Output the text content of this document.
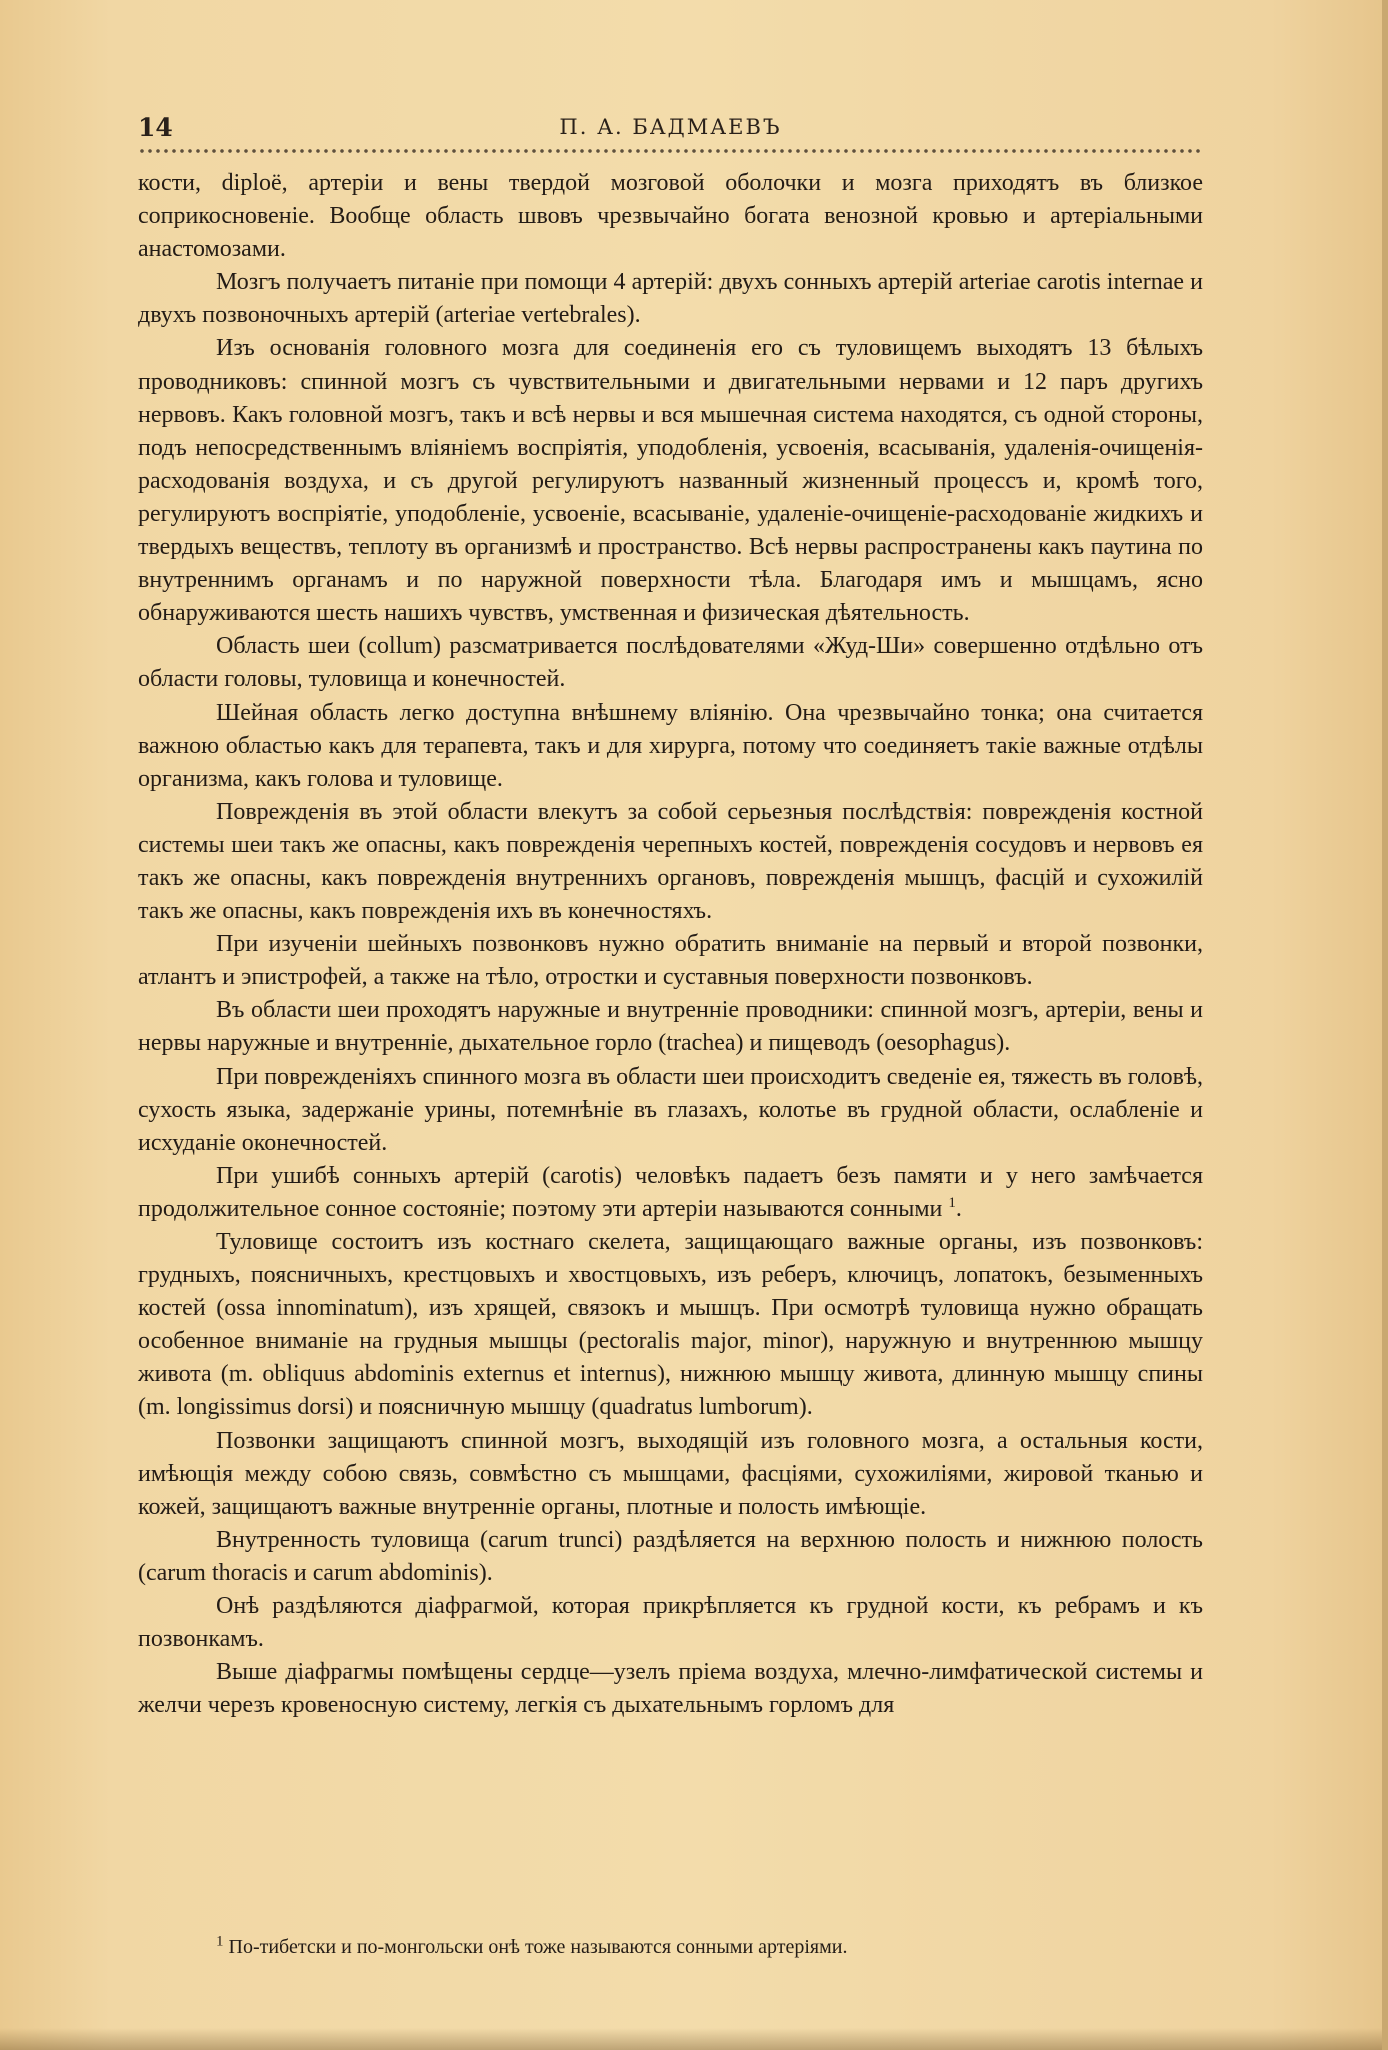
14	П. А. БАДМАЕВЪ

кости, diploë, артеріи и вены твердой мозговой оболочки и мозга приходятъ въ близкое соприкосновеніе. Вообще область швовъ чрезвычайно богата венозной кровью и артеріальными анастомозами.

Мозгъ получаетъ питаніе при помощи 4 артерій: двухъ сонныхъ артерій arteriae carotis internae и двухъ позвоночныхъ артерій (arteriae vertebrales).

Изъ основанія головного мозга для соединенія его съ туловищемъ выходятъ 13 бѣлыхъ проводниковъ: спинной мозгъ съ чувствительными и двигательными нервами и 12 паръ другихъ нервовъ. Какъ головной мозгъ, такъ и всѣ нервы и вся мышечная система находятся, съ одной стороны, подъ непосредственнымъ вліяніемъ воспріятія, уподобленія, усвоенія, всасыванія, удаленія-очищенія-расходованія воздуха, и съ другой регулируютъ названный жизненный процессъ и, кромѣ того, регулируютъ воспріятіе, уподобленіе, усвоеніе, всасываніе, удаленіе-очищеніе-расходованіе жидкихъ и твердыхъ веществъ, теплоту въ организмѣ и пространство. Всѣ нервы распространены какъ паутина по внутреннимъ органамъ и по наружной поверхности тѣла. Благодаря имъ и мышцамъ, ясно обнаруживаются шесть нашихъ чувствъ, умственная и физическая дѣятельность.

Область шеи (collum) разсматривается послѣдователями «Жуд-Ши» совершенно отдѣльно отъ области головы, туловища и конечностей.

Шейная область легко доступна внѣшнему вліянію. Она чрезвычайно тонка; она считается важною областью какъ для терапевта, такъ и для хирурга, потому что соединяетъ такіе важные отдѣлы организма, какъ голова и туловище.

Поврежденія въ этой области влекутъ за собой серьезныя послѣдствія: поврежденія костной системы шеи такъ же опасны, какъ поврежденія черепныхъ костей, поврежденія сосудовъ и нервовъ ея такъ же опасны, какъ поврежденія внутреннихъ органовъ, поврежденія мышцъ, фасцій и сухожилій такъ же опасны, какъ поврежденія ихъ въ конечностяхъ.

При изученіи шейныхъ позвонковъ нужно обратить вниманіе на первый и второй позвонки, атлантъ и эпистрофей, а также на тѣло, отростки и суставныя поверхности позвонковъ.

Въ области шеи проходятъ наружные и внутренніе проводники: спинной мозгъ, артеріи, вены и нервы наружные и внутренніе, дыхательное горло (trachea) и пищеводъ (oesophagus).

При поврежденіяхъ спинного мозга въ области шеи происходитъ сведеніе ея, тяжесть въ головѣ, сухость языка, задержаніе урины, потемнѣніе въ глазахъ, колотье въ грудной области, ослабленіе и исхуданіе оконечностей.

При ушибѣ сонныхъ артерій (carotis) человѣкъ падаетъ безъ памяти и у него замѣчается продолжительное сонное состояніе; поэтому эти артеріи называются сонными $^1$.

Туловище состоитъ изъ костнаго скелета, защищающаго важные органы, изъ позвонковъ: грудныхъ, поясничныхъ, крестцовыхъ и хвостцовыхъ, изъ реберъ, ключицъ, лопатокъ, безыменныхъ костей (ossa innominatum), изъ хрящей, связокъ и мышцъ. При осмотрѣ туловища нужно обращать особенное вниманіе на грудныя мышцы (pectoralis major, minor), наружную и внутреннюю мышцу живота (m. obliquus abdominis externus et internus), нижнюю мышцу живота, длинную мышцу спины (m. longissimus dorsi) и поясничную мышцу (quadratus lumborum).

Позвонки защищаютъ спинной мозгъ, выходящій изъ головного мозга, а остальныя кости, имѣющія между собою связь, совмѣстно съ мышцами, фасціями, сухожиліями, жировой тканью и кожей, защищаютъ важные внутренніе органы, плотные и полость имѣющіе.

Внутренность туловища (carum trunci) раздѣляется на верхнюю полость и нижнюю полость (carum thoracis и carum abdominis).

Онѣ раздѣляются діафрагмой, которая прикрѣпляется къ грудной кости, къ ребрамъ и къ позвонкамъ.

Выше діафрагмы помѣщены сердце—узелъ пріема воздуха, млечно-лимфатической системы и желчи черезъ кровеносную систему, легкія съ дыхательнымъ горломъ для

$^1$ По-тибетски и по-монгольски онѣ тоже называются сонными артеріями.
